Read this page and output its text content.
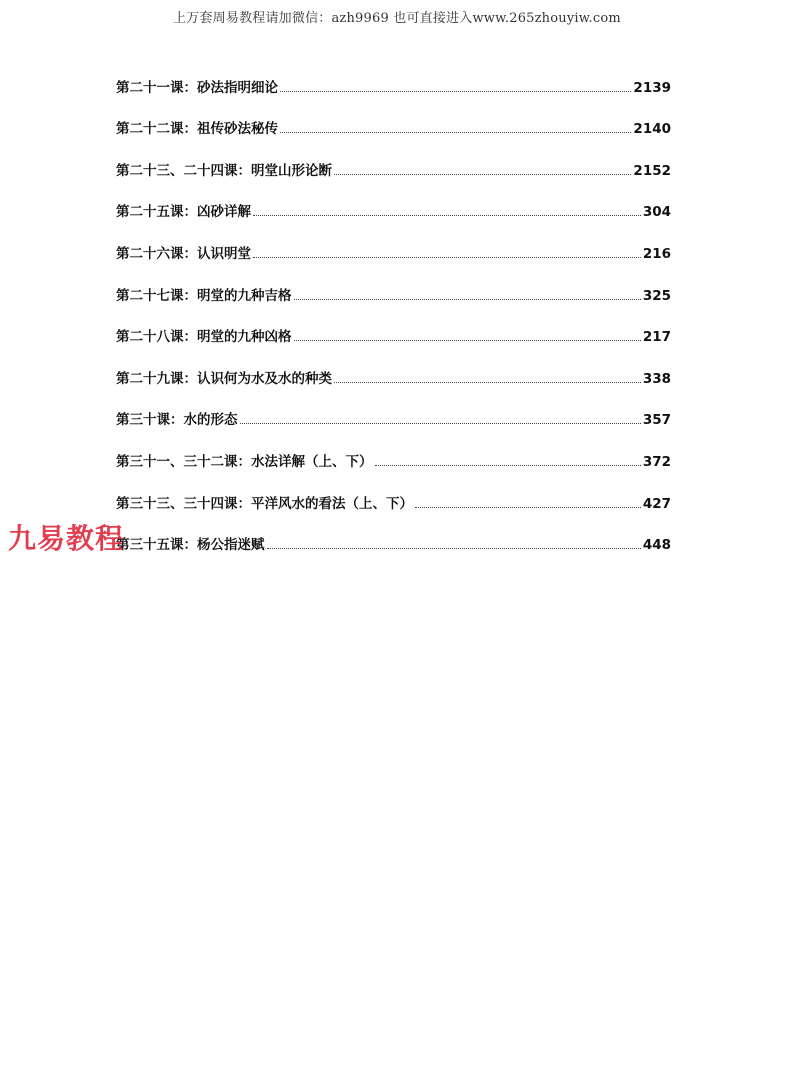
上万套周易教程请加微信：azh9969 也可直接进入www.265zhouyiw.com
第二十一课：砂法指明细论	2139
第二十二课：祖传砂法秘传	2140
第二十三、二十四课：明堂山形论断	2152
第二十五课：凶砂详解	304
第二十六课：认识明堂	216
第二十七课：明堂的九种吉格	325
第二十八课：明堂的九种凶格	217
第二十九课：认识何为水及水的种类	338
第三十课：水的形态	357
第三十一、三十二课：水法详解（上、下）	372
第三十三、三十四课：平洋风水的看法（上、下）	427
第三十五课：杨公指迷赋	448
九易教程
